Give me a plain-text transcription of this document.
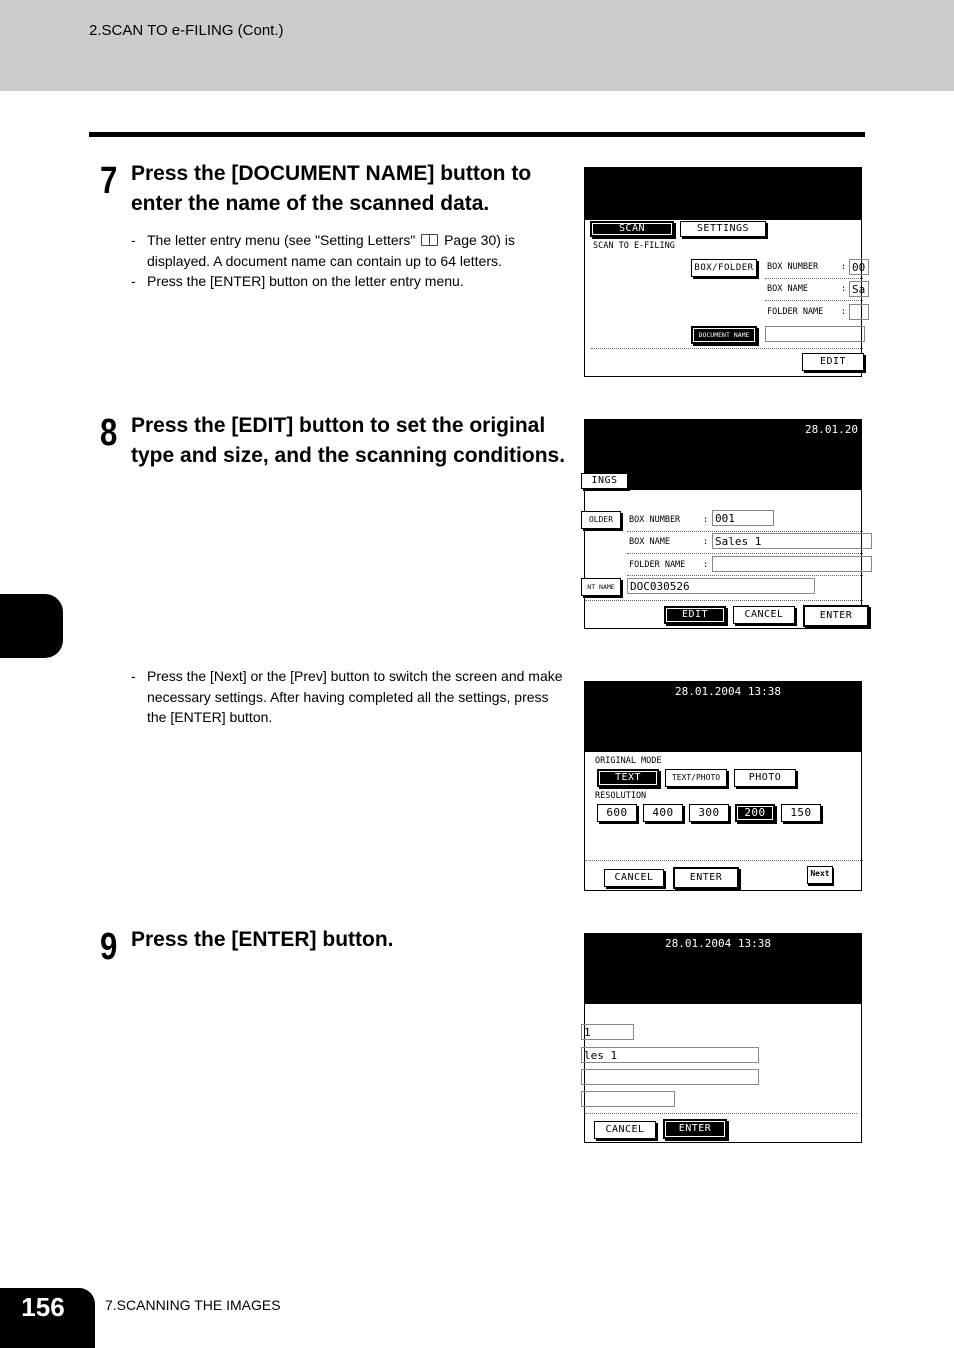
2.SCAN TO e-FILING (Cont.)
7 Press the [DOCUMENT NAME] button to enter the name of the scanned data.
- The letter entry menu (see "Setting Letters" Page 30) is displayed. A document name can contain up to 64 letters.
- Press the [ENTER] button on the letter entry menu.
SCAN	SETTINGS
SCAN TO E-FILING
BOX/FOLDER	BOX NUMBER	: 00
BOX NAME	: Sa
FOLDER NAME :
DOCUMENT NAME
EDIT
8 Press the [EDIT] button to set the original type and size, and the scanning conditions.
28.01.20
INGS
OLDER	BOX NUMBER	: 001
BOX NAME	: Sales 1
FOLDER NAME :
NT NAME	DOC030526
EDIT	CANCEL	ENTER
- Press the [Next] or the [Prev] button to switch the screen and make necessary settings. After having completed all the settings, press the [ENTER] button.
28.01.2004 13:38
ORIGINAL MODE
TEXT	TEXT/PHOTO	PHOTO
RESOLUTION
600	400	300	200	150
CANCEL	ENTER	Next
9 Press the [ENTER] button.	28.01.2004 13:38
1
les 1
CANCEL	ENTER
156	7.SCANNING THE IMAGES
